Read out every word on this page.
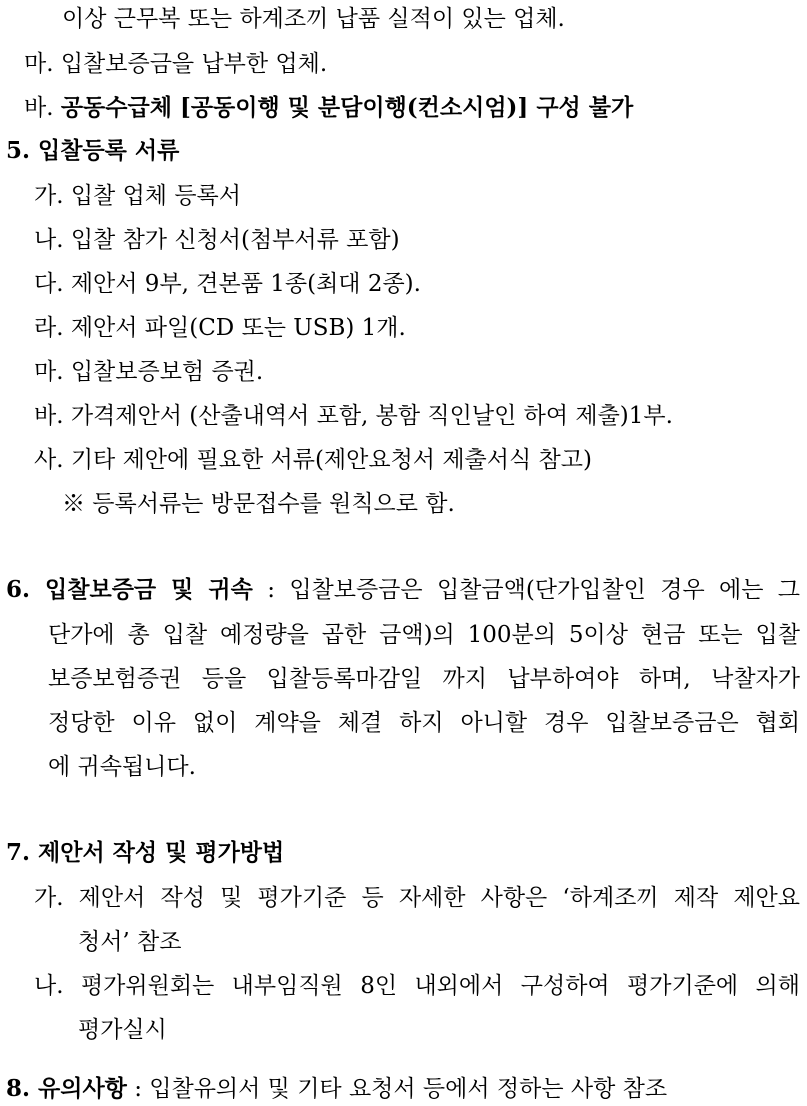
이상 근무복 또는 하계조끼 납품 실적이 있는 업체.
마. 입찰보증금을 납부한 업체.
바. 공동수급체 [공동이행 및 분담이행(컨소시엄)] 구성 불가
5. 입찰등록 서류
가. 입찰 업체 등록서
나. 입찰 참가 신청서(첨부서류 포함)
다. 제안서 9부, 견본품 1종(최대 2종).
라. 제안서 파일(CD 또는 USB) 1개.
마. 입찰보증보험 증권.
바. 가격제안서 (산출내역서 포함, 봉함 직인날인 하여 제출)1부.
사. 기타 제안에 필요한 서류(제안요청서 제출서식 참고)
※ 등록서류는 방문접수를 원칙으로 함.
6. 입찰보증금 및 귀속 : 입찰보증금은 입찰금액(단가입찰인 경우 에는 그
단가에 총 입찰 예정량을 곱한 금액)의 100분의 5이상 현금 또는 입찰
보증보험증권 등을 입찰등록마감일 까지 납부하여야 하며, 낙찰자가
정당한 이유 없이 계약을 체결 하지 아니할 경우 입찰보증금은 협회
에 귀속됩니다.
7. 제안서 작성 및 평가방법
가. 제안서 작성 및 평가기준 등 자세한 사항은 ‘하계조끼 제작 제안요
청서’ 참조
나. 평가위원회는 내부임직원 8인 내외에서 구성하여 평가기준에 의해
평가실시
8. 유의사항 : 입찰유의서 및 기타 요청서 등에서 정하는 사항 참조
